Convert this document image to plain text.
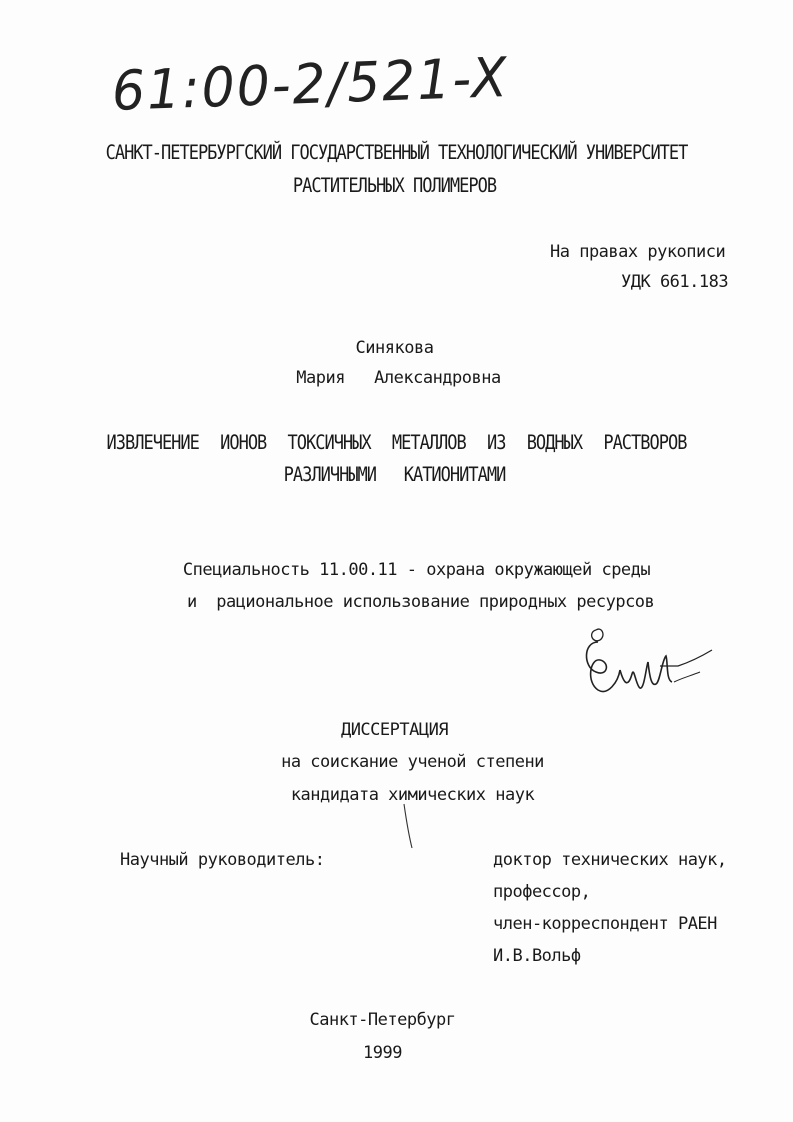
61:00-2/521-X
САНКТ-ПЕТЕРБУРГСКИЙ ГОСУДАРСТВЕННЫЙ ТЕХНОЛОГИЧЕСКИЙ УНИВЕРСИТЕТ
РАСТИТЕЛЬНЫХ ПОЛИМЕРОВ
На правах рукописи
УДК 661.183
Синякова
Мария   Александровна
ИЗВЛЕЧЕНИЕ ИОНОВ ТОКСИЧНЫХ МЕТАЛЛОВ ИЗ ВОДНЫХ РАСТВОРОВ
РАЗЛИЧНЫМИ   КАТИОНИТАМИ
Специальность 11.00.11 - охрана окружающей среды
и  рациональное использование природных ресурсов
ДИССЕРТАЦИЯ
на соискание ученой степени
кандидата химических наук
Научный руководитель:	доктор технических наук,
профессор,
член-корреспондент РАЕН
И.В.Вольф
Санкт-Петербург
1999
